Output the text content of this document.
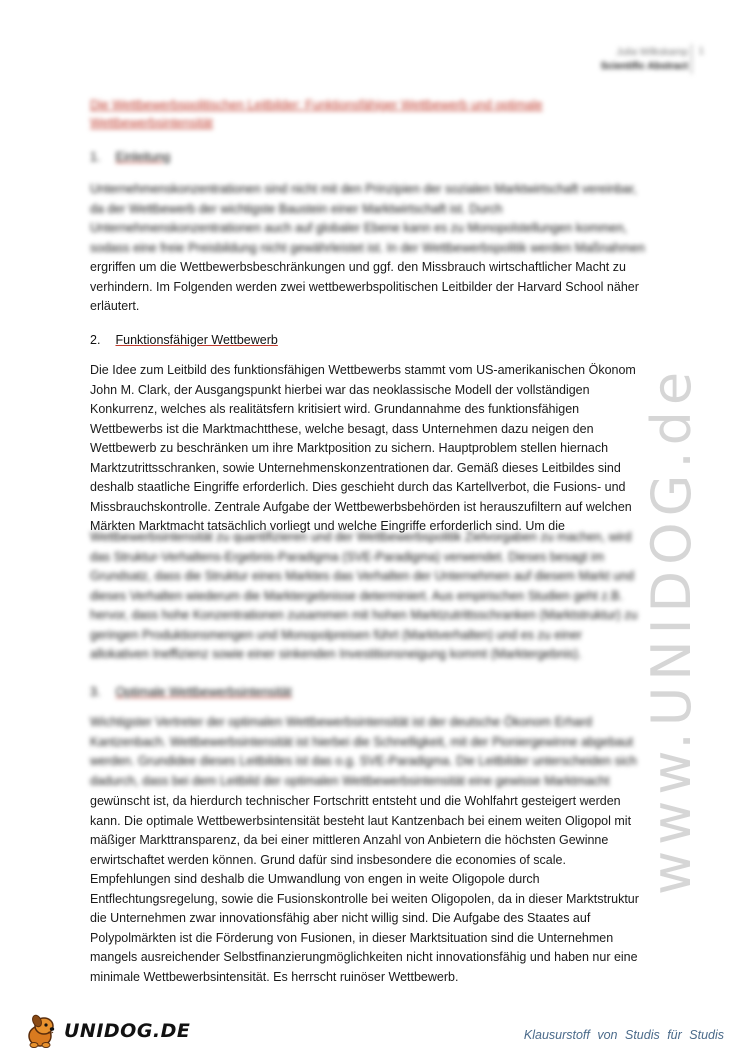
Julia Wilkskamp
Scientific Abstract
1
Die Wettbewerbspolitischen Leitbilder: Funktionsfähiger Wettbewerb und optimale Wettbewerbsintensität
1. Einleitung
Unternehmenskonzentrationen sind nicht mit den Prinzipien der sozialen Marktwirtschaft vereinbar,
da der Wettbewerb der wichtigste Baustein einer Marktwirtschaft ist. Durch
Unternehmenskonzentrationen auch auf globaler Ebene kann es zu Monopolstellungen kommen,
sodass eine freie Preisbildung nicht gewährleistet ist. In der Wettbewerbspolitik werden Maßnahmen
ergriffen um die Wettbewerbsbeschränkungen und ggf. den Missbrauch wirtschaftlicher Macht zu
verhindern. Im Folgenden werden zwei wettbewerbspolitischen Leitbilder der Harvard School näher
erläutert.
2. Funktionsfähiger Wettbewerb
Die Idee zum Leitbild des funktionsfähigen Wettbewerbs stammt vom US-amerikanischen Ökonom
John M. Clark, der Ausgangspunkt hierbei war das neoklassische Modell der vollständigen
Konkurrenz, welches als realitätsfern kritisiert wird. Grundannahme des funktionsfähigen
Wettbewerbs ist die Marktmachtthese, welche besagt, dass Unternehmen dazu neigen den
Wettbewerb zu beschränken um ihre Marktposition zu sichern. Hauptproblem stellen hiernach
Marktzutrittsschranken, sowie Unternehmenskonzentrationen dar. Gemäß dieses Leitbildes sind
deshalb staatliche Eingriffe erforderlich. Dies geschieht durch das Kartellverbot, die Fusions- und
Missbrauchskontrolle. Zentrale Aufgabe der Wettbewerbsbehörden ist herauszufiltern auf welchen
Märkten Marktmacht tatsächlich vorliegt und welche Eingriffe erforderlich sind. Um die
Wettbewerbsintensität zu quantifizieren und der Wettbewerbspolitik Zielvorgaben zu machen, wird
das Struktur-Verhaltens-Ergebnis-Paradigma (SVE-Paradigma) verwendet. Dieses besagt im
Grundsatz, dass die Struktur eines Marktes das Verhalten der Unternehmen auf diesem Markt und
dieses Verhalten wiederum die Marktergebnisse determiniert. Aus empirischen Studien geht z.B.
hervor, dass hohe Konzentrationen zusammen mit hohen Marktzutrittsschranken (Marktstruktur) zu
geringen Produktionsmengen und Monopolpreisen führt (Marktverhalten) und es zu einer
allokativen Ineffizienz sowie einer sinkenden Investitionsneigung kommt (Marktergebnis).
3. Optimale Wettbewerbsintensität
Wichtigster Vertreter der optimalen Wettbewerbsintensität ist der deutsche Ökonom Erhard
Kantzenbach. Wettbewerbsintensität ist hierbei die Schnelligkeit, mit der Pioniergewinne abgebaut
werden. Grundidee dieses Leitbildes ist das o.g. SVE-Paradigma. Die Leitbilder unterscheiden sich
dadurch, dass bei dem Leitbild der optimalen Wettbewerbsintensität eine gewisse Marktmacht
gewünscht ist, da hierdurch technischer Fortschritt entsteht und die Wohlfahrt gesteigert werden
kann. Die optimale Wettbewerbsintensität besteht laut Kantzenbach bei einem weiten Oligopol mit
mäßiger Markttransparenz, da bei einer mittleren Anzahl von Anbietern die höchsten Gewinne
erwirtschaftet werden können. Grund dafür sind insbesondere die economies of scale.
Empfehlungen sind deshalb die Umwandlung von engen in weite Oligopole durch
Entflechtungsregelung, sowie die Fusionskontrolle bei weiten Oligopolen, da in dieser Marktstruktur
die Unternehmen zwar innovationsfähig aber nicht willig sind. Die Aufgabe des Staates auf
Polypolmärkten ist die Förderung von Fusionen, in dieser Marktsituation sind die Unternehmen
mangels ausreichender Selbstfinanzierungmöglichkeiten nicht innovationsfähig und haben nur eine
minimale Wettbewerbsintensität. Es herrscht ruinöser Wettbewerb.
www.UNIDOG.de
UNIDOG.DE	Klausurstoff von Studis für Studis
